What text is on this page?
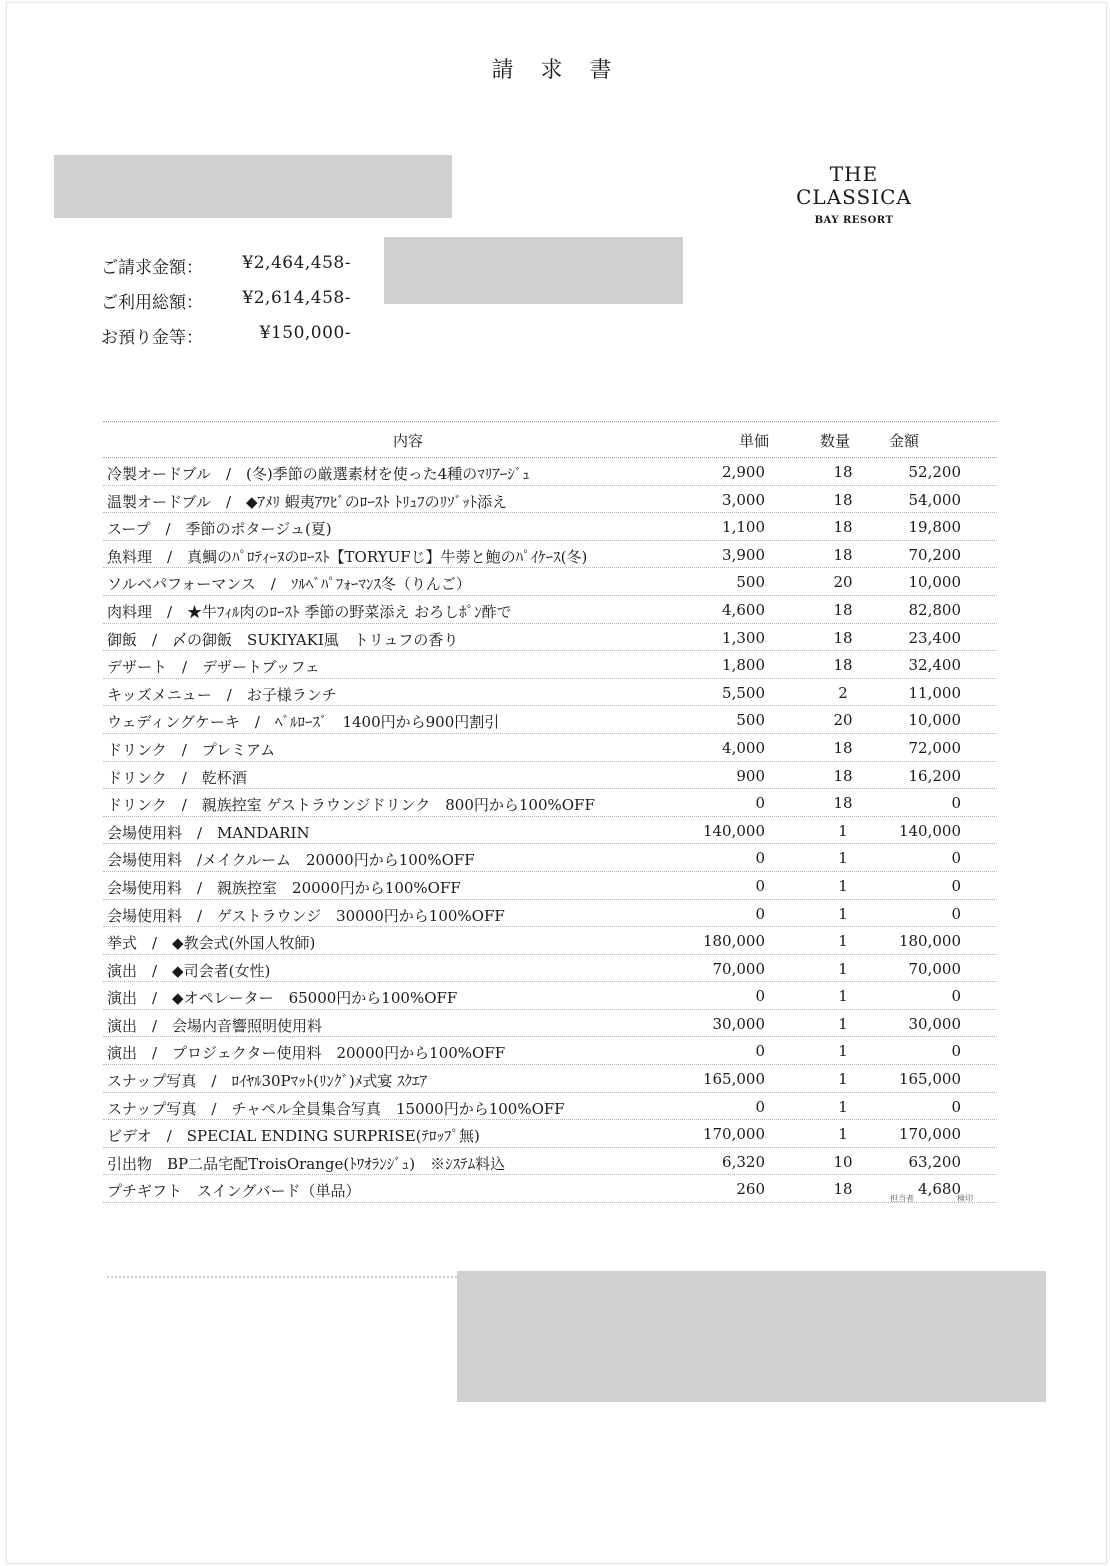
請 求 書
THE
CLASSICA
BAY RESORT
ご請求金額：	¥2,464,458-
ご利用総額：	¥2,614,458-
お預り金等：	¥150,000-
内容	単価	数量	金額
冷製オードブル　/　(冬)季節の厳選素材を使った4種のﾏﾘｱｰｼﾞｭ	2,900	18	52,200
温製オードブル　/　◆ｱﾒﾘ 蝦夷ｱﾜﾋﾞのﾛｰｽﾄ ﾄﾘｭﾌのﾘｿﾞｯﾄ添え	3,000	18	54,000
スープ　/　季節のポタージュ(夏)	1,100	18	19,800
魚料理　/　真鯛のﾊﾟﾛﾃｨｰﾇのﾛｰｽﾄ【TORYUFじ】牛蒡と鮑のﾊﾟｲｹｰｽ(冬)	3,900	18	70,200
ソルベパフォーマンス　/　ｿﾙﾍﾞﾊﾟﾌｫｰﾏﾝｽ冬（りんご）	500	20	10,000
肉料理　/　★牛ﾌｨﾙ肉のﾛｰｽﾄ 季節の野菜添え おろしﾎﾟﾝ酢で	4,600	18	82,800
御飯　/　〆の御飯　SUKIYAKI風　トリュフの香り	1,300	18	23,400
デザート　/　デザートブッフェ	1,800	18	32,400
キッズメニュー　/　お子様ランチ	5,500	2	11,000
ウェディングケーキ　/　ﾍﾞﾙﾛｰｽﾞ　1400円から900円割引	500	20	10,000
ドリンク　/　プレミアム	4,000	18	72,000
ドリンク　/　乾杯酒	900	18	16,200
ドリンク　/　親族控室 ゲストラウンジドリンク　800円から100%OFF	0	18	0
会場使用料　/　MANDARIN	140,000	1	140,000
会場使用料　/メイクルーム　20000円から100%OFF	0	1	0
会場使用料　/　親族控室　20000円から100%OFF	0	1	0
会場使用料　/　ゲストラウンジ　30000円から100%OFF	0	1	0
挙式　/　◆教会式(外国人牧師)	180,000	1	180,000
演出　/　◆司会者(女性)	70,000	1	70,000
演出　/　◆オペレーター　65000円から100%OFF	0	1	0
演出　/　会場内音響照明使用料	30,000	1	30,000
演出　/　プロジェクター使用料　20000円から100%OFF	0	1	0
スナップ写真　/　ﾛｲﾔﾙ30Pﾏｯﾄ(ﾘﾝｸﾞ)ﾒ式宴 ｽｸｴｱ	165,000	1	165,000
スナップ写真　/　チャペル全員集合写真　15000円から100%OFF	0	1	0
ビデオ　/　SPECIAL ENDING SURPRISE(ﾃﾛｯﾌﾟ無)	170,000	1	170,000
引出物　BP二品宅配TroisOrange(ﾄﾜｵﾗﾝｼﾞｭ)　※ｼｽﾃﾑ料込	6,320	10	63,200
プチギフト　スイングバード（単品）	260	18	4,680
担当者	検印
